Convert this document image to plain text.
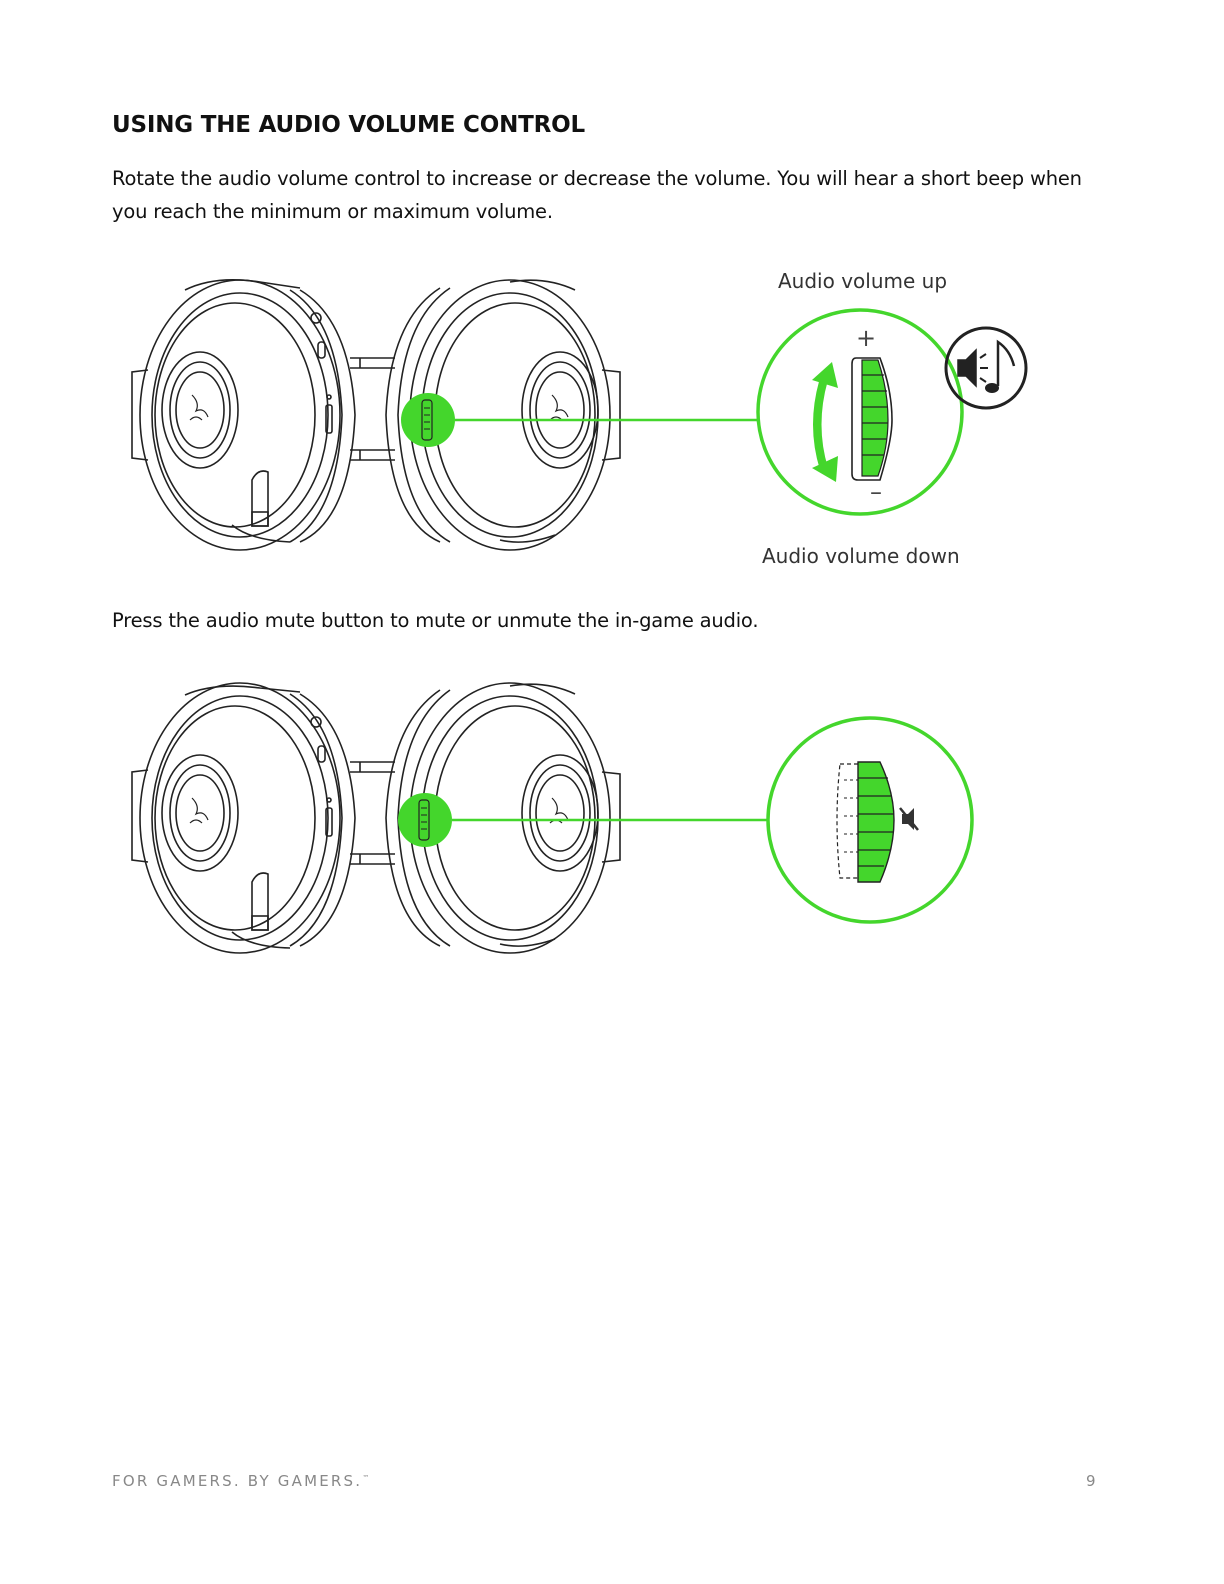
USING THE AUDIO VOLUME CONTROL

Rotate the audio volume control to increase or decrease the volume. You will hear a short beep when you reach the minimum or maximum volume.

+
–
Audio volume up
Audio volume down

Press the audio mute button to mute or unmute the in-game audio.

FOR GAMERS. BY GAMERS.™	9
